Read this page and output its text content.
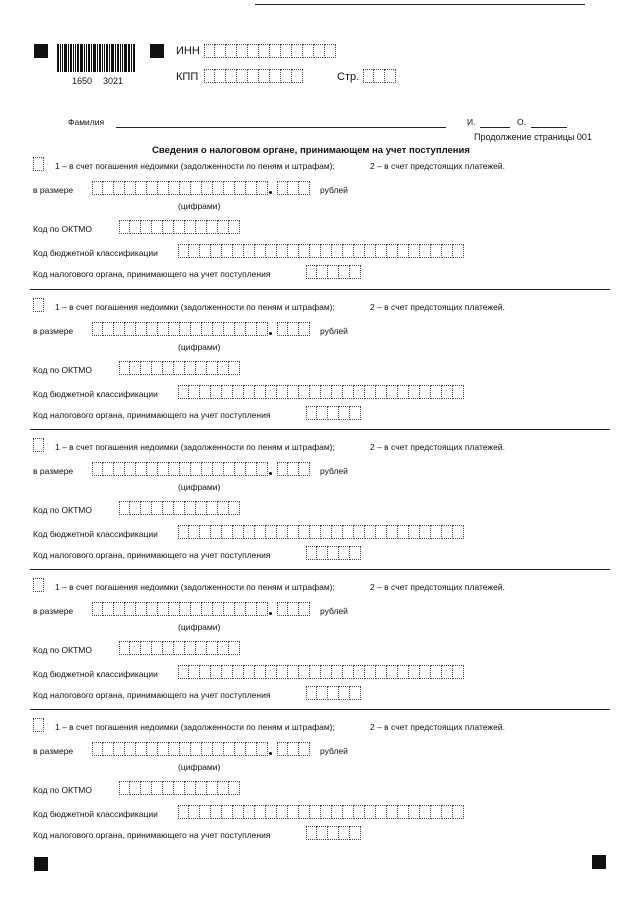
1650 3021
ИНН
КПП	Стр.
Фамилия	И.	О.
Продолжение страницы 001
Сведения о налоговом органе, принимающем на учет поступления
1 – в счет погашения недоимки (задолженности по пеням и штрафам);	2 – в счет предстоящих платежей.
в размере	рублей
(цифрами)
Код по ОКТМО
Код бюджетной классификации
Код налогового органа, принимающего на учет поступления
1 – в счет погашения недоимки (задолженности по пеням и штрафам);	2 – в счет предстоящих платежей.
в размере	рублей
(цифрами)
Код по ОКТМО
Код бюджетной классификации
Код налогового органа, принимающего на учет поступления
1 – в счет погашения недоимки (задолженности по пеням и штрафам);	2 – в счет предстоящих платежей.
в размере	рублей
(цифрами)
Код по ОКТМО
Код бюджетной классификации
Код налогового органа, принимающего на учет поступления
1 – в счет погашения недоимки (задолженности по пеням и штрафам);	2 – в счет предстоящих платежей.
в размере	рублей
(цифрами)
Код по ОКТМО
Код бюджетной классификации
Код налогового органа, принимающего на учет поступления
1 – в счет погашения недоимки (задолженности по пеням и штрафам);	2 – в счет предстоящих платежей.
в размере	рублей
(цифрами)
Код по ОКТМО
Код бюджетной классификации
Код налогового органа, принимающего на учет поступления
